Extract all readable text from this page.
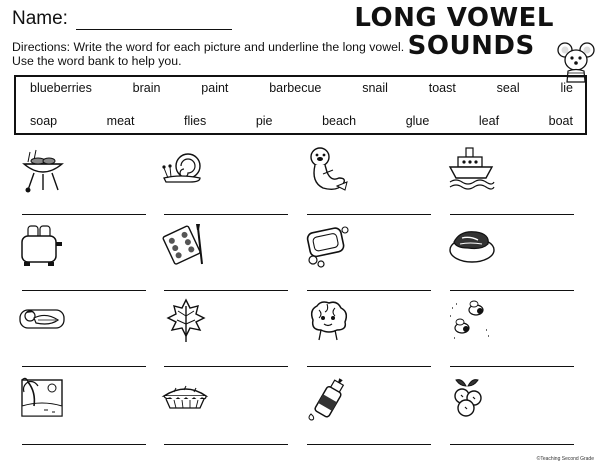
Name:	LONG VOWEL
SOUNDS
Directions: Write the word for each picture and underline the long vowel.
Use the word bank to help you.
blueberries	brain	paint	barbecue	snail	toast	seal	lie
soap	meat	flies	pie	beach	glue	leaf	boat
©Teaching Second Grade
